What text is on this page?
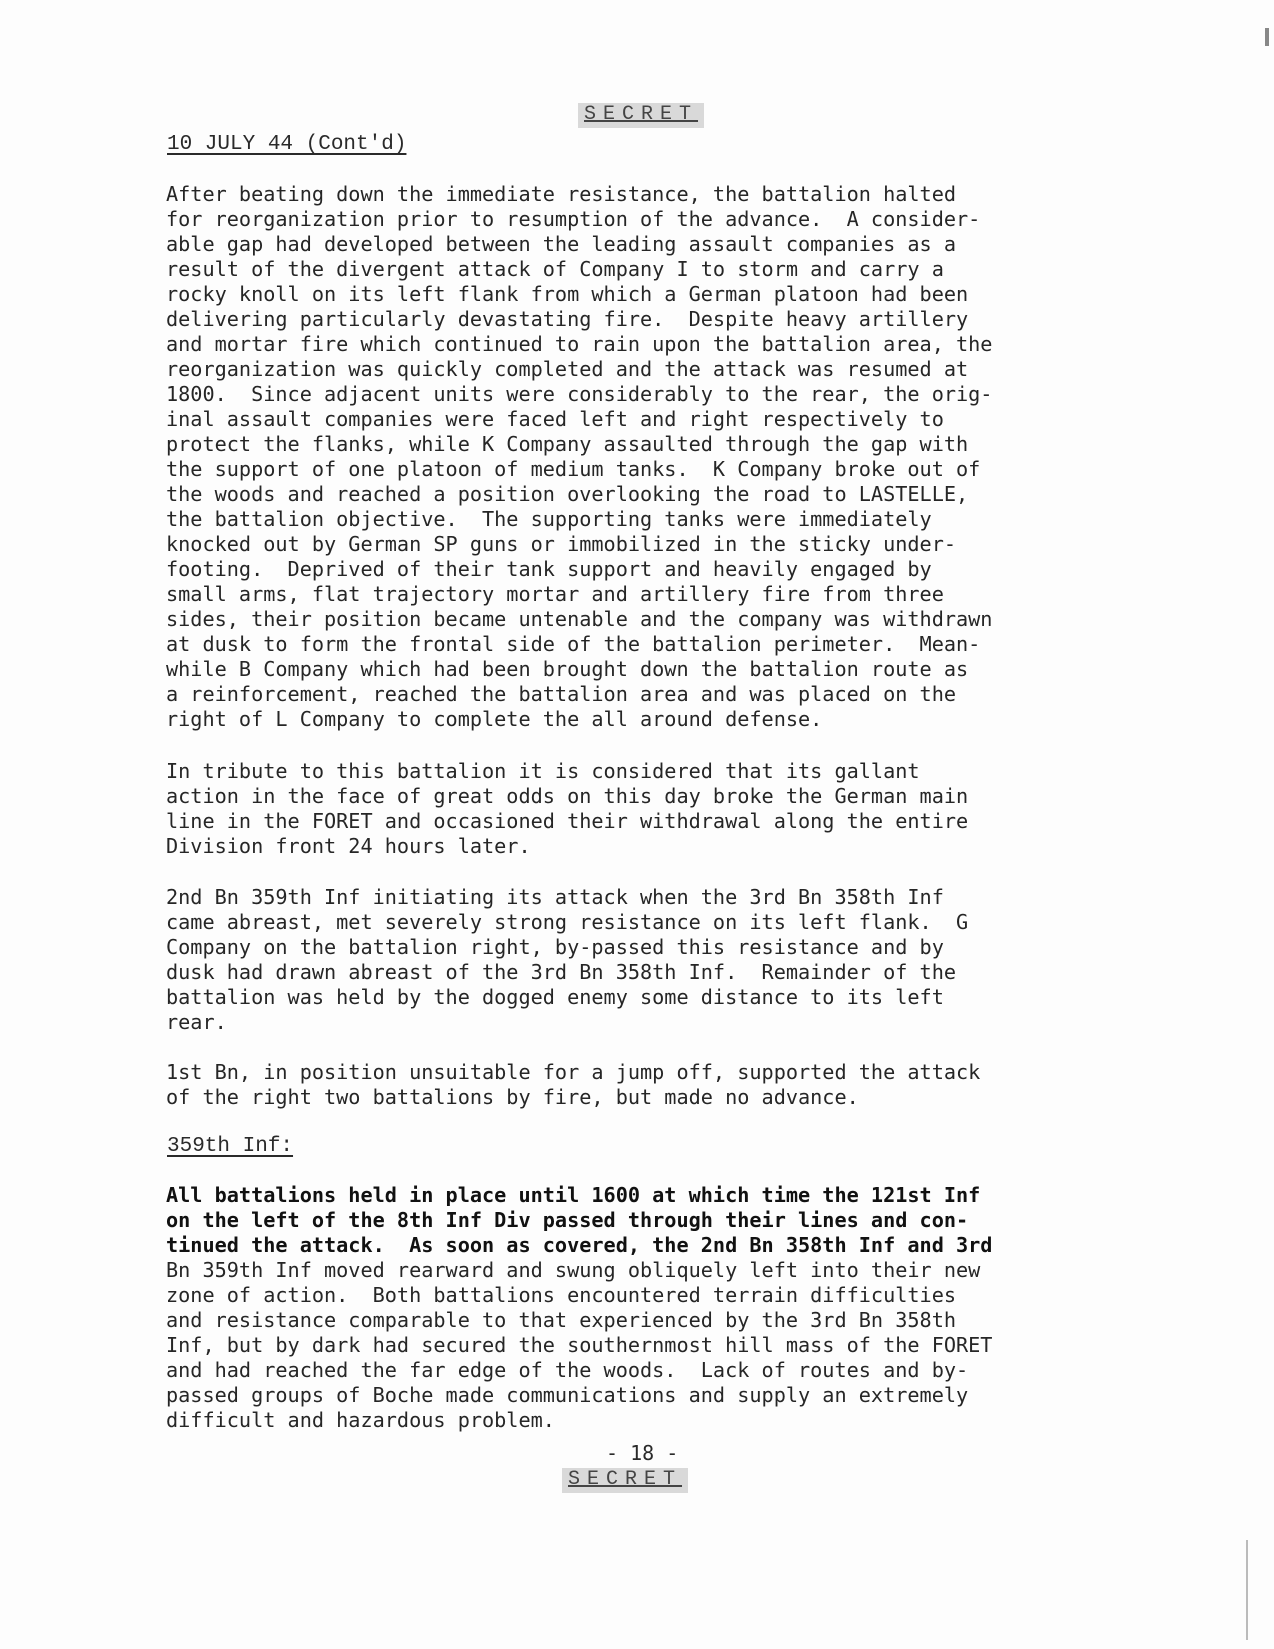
SECRET
10 JULY 44 (Cont'd)
After beating down the immediate resistance, the battalion halted
for reorganization prior to resumption of the advance.  A consider-
able gap had developed between the leading assault companies as a
result of the divergent attack of Company I to storm and carry a
rocky knoll on its left flank from which a German platoon had been
delivering particularly devastating fire.  Despite heavy artillery
and mortar fire which continued to rain upon the battalion area, the
reorganization was quickly completed and the attack was resumed at
1800.  Since adjacent units were considerably to the rear, the orig-
inal assault companies were faced left and right respectively to
protect the flanks, while K Company assaulted through the gap with
the support of one platoon of medium tanks.  K Company broke out of
the woods and reached a position overlooking the road to LASTELLE,
the battalion objective.  The supporting tanks were immediately
knocked out by German SP guns or immobilized in the sticky under-
footing.  Deprived of their tank support and heavily engaged by
small arms, flat trajectory mortar and artillery fire from three
sides, their position became untenable and the company was withdrawn
at dusk to form the frontal side of the battalion perimeter.  Mean-
while B Company which had been brought down the battalion route as
a reinforcement, reached the battalion area and was placed on the
right of L Company to complete the all around defense.
In tribute to this battalion it is considered that its gallant
action in the face of great odds on this day broke the German main
line in the FORET and occasioned their withdrawal along the entire
Division front 24 hours later.
2nd Bn 359th Inf initiating its attack when the 3rd Bn 358th Inf
came abreast, met severely strong resistance on its left flank.  G
Company on the battalion right, by-passed this resistance and by
dusk had drawn abreast of the 3rd Bn 358th Inf.  Remainder of the
battalion was held by the dogged enemy some distance to its left
rear.
1st Bn, in position unsuitable for a jump off, supported the attack
of the right two battalions by fire, but made no advance.
359th Inf:
All battalions held in place until 1600 at which time the 121st Inf
on the left of the 8th Inf Div passed through their lines and con-
tinued the attack.  As soon as covered, the 2nd Bn 358th Inf and 3rd
Bn 359th Inf moved rearward and swung obliquely left into their new
zone of action.  Both battalions encountered terrain difficulties
and resistance comparable to that experienced by the 3rd Bn 358th
Inf, but by dark had secured the southernmost hill mass of the FORET
and had reached the far edge of the woods.  Lack of routes and by-
passed groups of Boche made communications and supply an extremely
difficult and hazardous problem.
- 18 -
SECRET
